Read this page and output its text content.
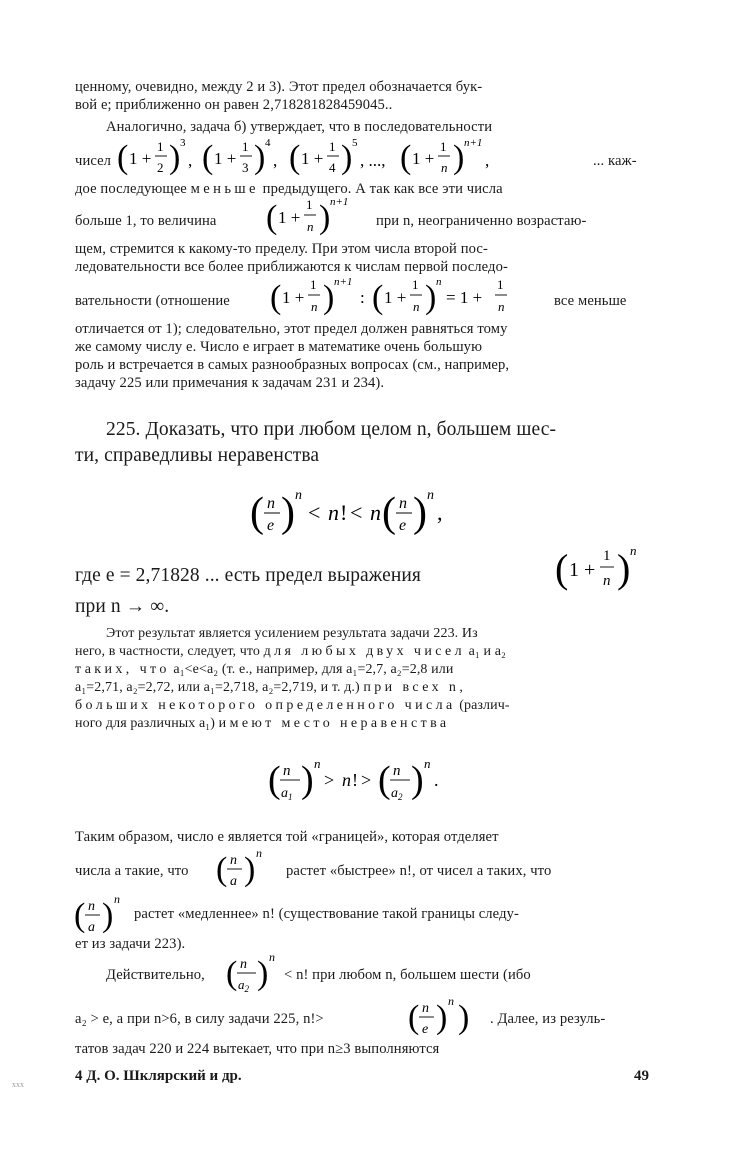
ценному, очевидно, между 2 и 3). Этот предел обозначается бук-
вой e; приближенно он равен 2,718281828459045..
Аналогично, задача б) утверждает, что в последовательности
чисел ( 1 +
1
2 ) 3
, ( 1 +
1
3 ) 4
, ( 1 +
1
4 ) 5
, ..., ( 1 +
1
n ) n+1
,	... каж-
дое последующее меньше предыдущего. А так как все эти числа
больше 1, то величина	( 1 +
1
n ) n+1
при n, неограниченно возрастаю-
щем, стремится к какому-то пределу. При этом числа второй пос-
ледовательности все более приближаются к числам первой последо-
вательности (отношение	( 1 +
1
n ) n+1
: ( 1 +
1
n ) n
= 1 +
1
n	все меньше
отличается от 1); следовательно, этот предел должен равняться тому
же самому числу e. Число e играет в математике очень большую
роль и встречается в самых разнообразных вопросах (см., например,
задачу 225 или примечания к задачам 231 и 234).
225. Доказать, что при любом целом n, большем шес-
ти, справедливы неравенства
( n
e ) n
< n ! < n ( n
e ) n
,
где e = 2,71828 ... есть предел выражения	( 1 +
1
n ) n
при n → ∞.
Этот результат является усилением результата задачи 223. Из
него, в частности, следует, что для любых двух чисел a₁ и a₂
таких, что a₁<e<a₂ (т. е., например, для a₁=2,7, a₂=2,8 или
a₁=2,71, a₂=2,72, или a₁=2,718, a₂=2,719, и т. д.) при всех n,
больших некоторого определенного числа (различ-
ного для различных a₁) имеют место неравенства
( n
$a_1$ ) n
> n ! > ( n
$a_2$ ) n
.
Таким образом, число e является той «границей», которая отделяет
числа a такие, что ( n
a ) n
растет «быстрее» n!, от чисел a таких, что
( n
a ) n
растет «медленнее» n! (существование такой границы следу-
ет из задачи 223).
Действительно, ( n
$a_2$ ) n
< n! при любом n, большем шести (ибо
a₂ > e, а при n>6, в силу задачи 225, n!>	( n
e ) n ) . Далее, из резуль-
татов задач 220 и 224 вытекает, что при n≥3 выполняются
4 Д. О. Шклярский и др.	49
xxx
